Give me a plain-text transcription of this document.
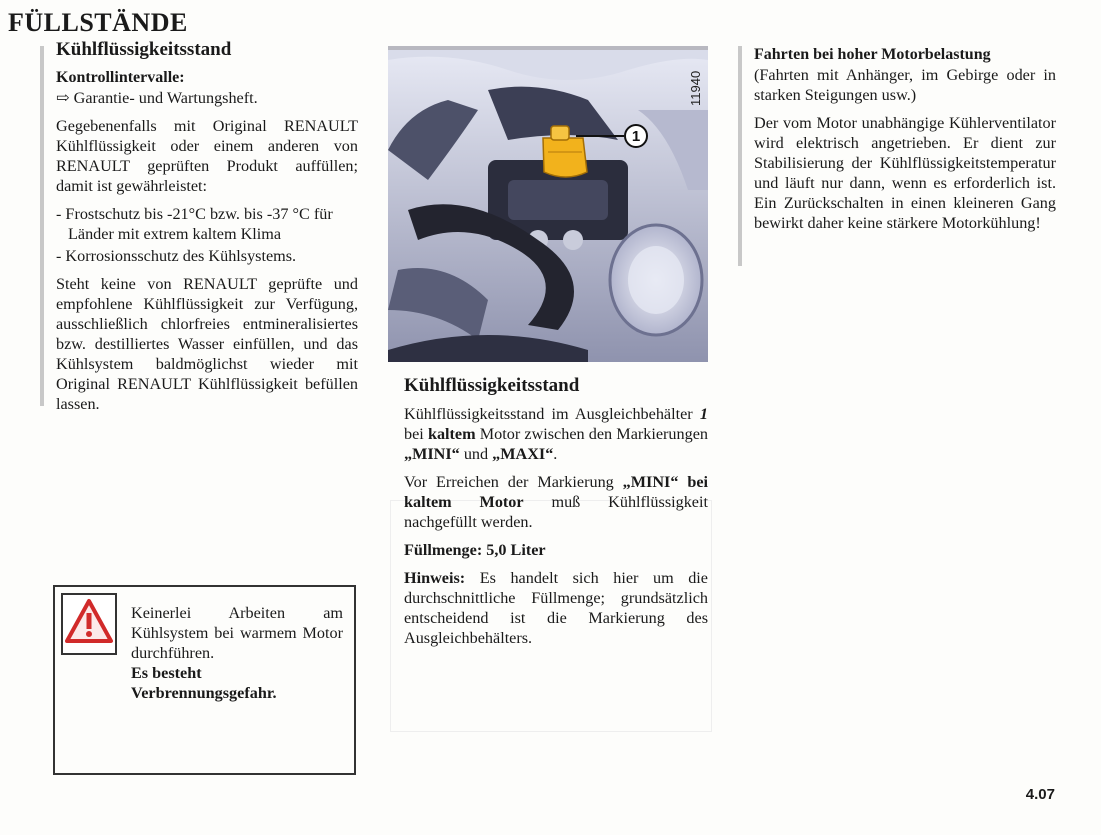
FÜLLSTÄNDE
Kühlflüssigkeitsstand
Kontrollintervalle:
⇨ Garantie- und Wartungsheft.

Gegebenenfalls mit Original RENAULT Kühlflüssigkeit oder einem anderen von RENAULT geprüften Produkt auffüllen; damit ist gewährleistet:

- Frostschutz bis -21°C bzw. bis -37 °C für Länder mit extrem kaltem Klima
- Korrosionsschutz des Kühlsystems.

Steht keine von RENAULT geprüfte und empfohlene Kühlflüssigkeit zur Verfügung, ausschließlich chlorfreies entmineralisiertes bzw. destilliertes Wasser einfüllen, und das Kühlsystem baldmöglichst wieder mit Original RENAULT Kühlflüssigkeit befüllen lassen.

Keinerlei Arbeiten am Kühlsystem bei warmem Motor durchführen.
Es besteht Verbrennungsgefahr.
1
11940
Kühlflüssigkeitsstand

Kühlflüssigkeitsstand im Ausgleichbehälter 1 bei kaltem Motor zwischen den Markierungen „MINI“ und „MAXI“.

Vor Erreichen der Markierung „MINI“ bei kaltem Motor muß Kühlflüssigkeit nachgefüllt werden.

Füllmenge: 5,0 Liter

Hinweis: Es handelt sich hier um die durchschnittliche Füllmenge; grundsätzlich entscheidend ist die Markierung des Ausgleichbehälters.

Fahrten bei hoher Motorbelastung

(Fahrten mit Anhänger, im Gebirge oder in starken Steigungen usw.)

Der vom Motor unabhängige Kühlerventilator wird elektrisch angetrieben. Er dient zur Stabilisierung der Kühlflüssigkeitstemperatur und läuft nur dann, wenn es erforderlich ist. Ein Zurückschalten in einen kleineren Gang bewirkt daher keine stärkere Motorkühlung!

4.07
